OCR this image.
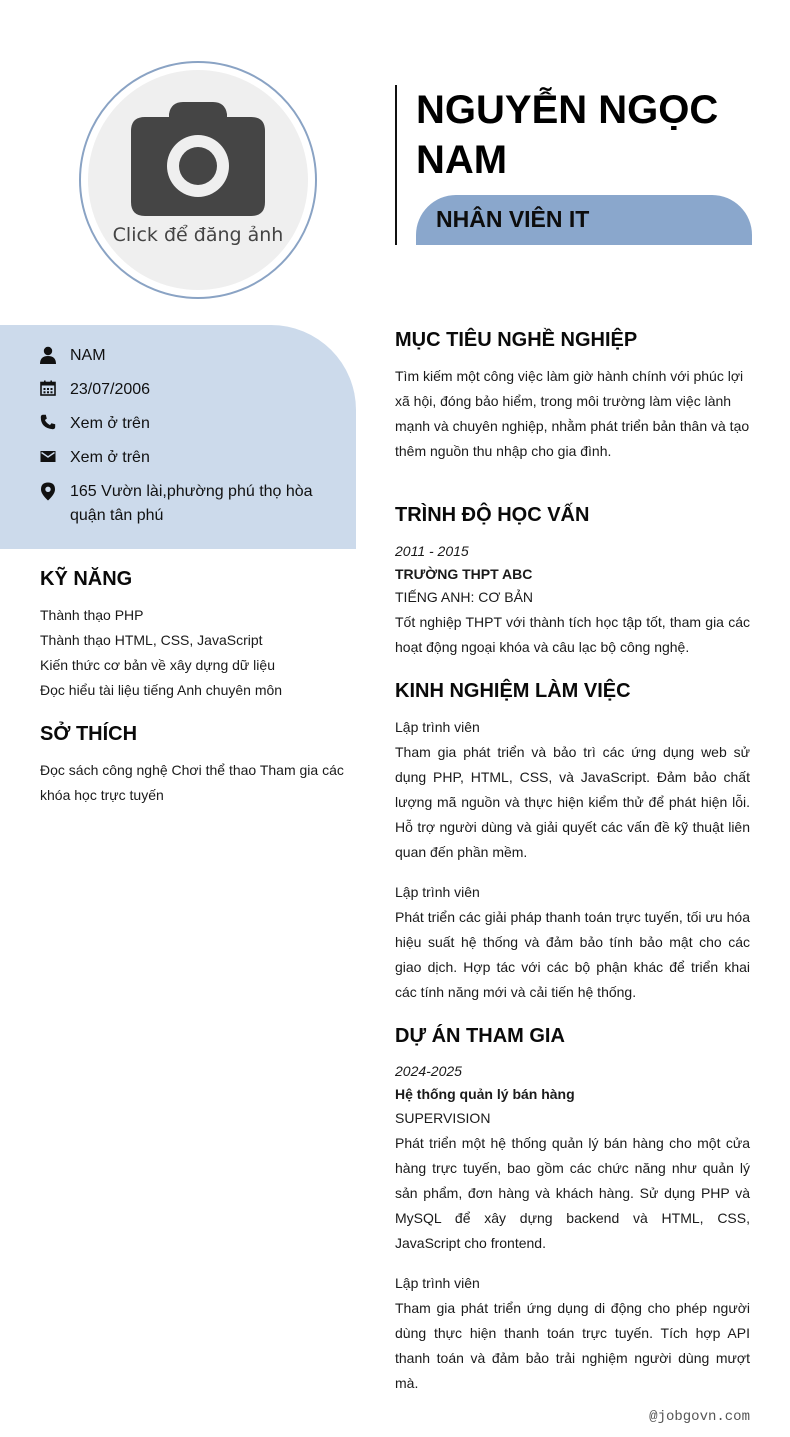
Click để đăng ảnh
NGUYỄN NGỌC NAM
NHÂN VIÊN IT
NAM
23/07/2006
Xem ở trên
Xem ở trên
165 Vườn lài,phường phú thọ hòa quận tân phú
KỸ NĂNG
Thành thạo PHP
Thành thạo HTML, CSS, JavaScript
Kiến thức cơ bản về xây dựng dữ liệu
Đọc hiểu tài liệu tiếng Anh chuyên môn
SỞ THÍCH
Đọc sách công nghệ Chơi thể thao Tham gia các khóa học trực tuyến
MỤC TIÊU NGHỀ NGHIỆP
Tìm kiếm một công việc làm giờ hành chính với phúc lợi xã hội, đóng bảo hiểm, trong môi trường làm việc lành mạnh và chuyên nghiệp, nhằm phát triển bản thân và tạo thêm nguồn thu nhập cho gia đình.
TRÌNH ĐỘ HỌC VẤN
2011 - 2015
TRƯỜNG THPT ABC
TIẾNG ANH: CƠ BẢN
Tốt nghiệp THPT với thành tích học tập tốt, tham gia các hoạt động ngoại khóa và câu lạc bộ công nghệ.
KINH NGHIỆM LÀM VIỆC
Lập trình viên
Tham gia phát triển và bảo trì các ứng dụng web sử dụng PHP, HTML, CSS, và JavaScript. Đảm bảo chất lượng mã nguồn và thực hiện kiểm thử để phát hiện lỗi. Hỗ trợ người dùng và giải quyết các vấn đề kỹ thuật liên quan đến phần mềm.
Lập trình viên
Phát triển các giải pháp thanh toán trực tuyến, tối ưu hóa hiệu suất hệ thống và đảm bảo tính bảo mật cho các giao dịch. Hợp tác với các bộ phận khác để triển khai các tính năng mới và cải tiến hệ thống.
DỰ ÁN THAM GIA
2024-2025
Hệ thống quản lý bán hàng
SUPERVISION
Phát triển một hệ thống quản lý bán hàng cho một cửa hàng trực tuyến, bao gồm các chức năng như quản lý sản phẩm, đơn hàng và khách hàng. Sử dụng PHP và MySQL để xây dựng backend và HTML, CSS, JavaScript cho frontend.
Lập trình viên
Tham gia phát triển ứng dụng di động cho phép người dùng thực hiện thanh toán trực tuyến. Tích hợp API thanh toán và đảm bảo trải nghiệm người dùng mượt mà.
@jobgovn.com
